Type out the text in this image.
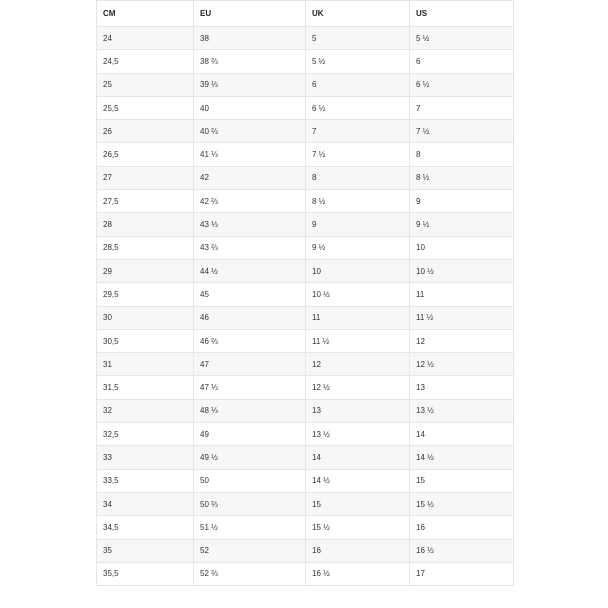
CM	EU	UK	US
24	38	5	5 ½
24,5	38 ⅔	5 ½	6
25	39 ⅓	6	6 ½
25,5	40	6 ½	7
26	40 ⅔	7	7 ½
26,5	41 ⅓	7 ½	8
27	42	8	8 ½
27,5	42 ⅔	8 ½	9
28	43 ⅓	9	9 ½
28,5	43 ⅔	9 ½	10
29	44 ½	10	10 ½
29,5	45	10 ½	11
30	46	11	11 ½
30,5	46 ⅔	11 ½	12
31	47	12	12 ½
31,5	47 ⅓	12 ½	13
32	48 ⅓	13	13 ½
32,5	49	13 ½	14
33	49 ½	14	14 ½
33,5	50	14 ½	15
34	50 ⅔	15	15 ½
34,5	51 ½	15 ½	16
35	52	16	16 ½
35,5	52 ⅔	16 ½	17
